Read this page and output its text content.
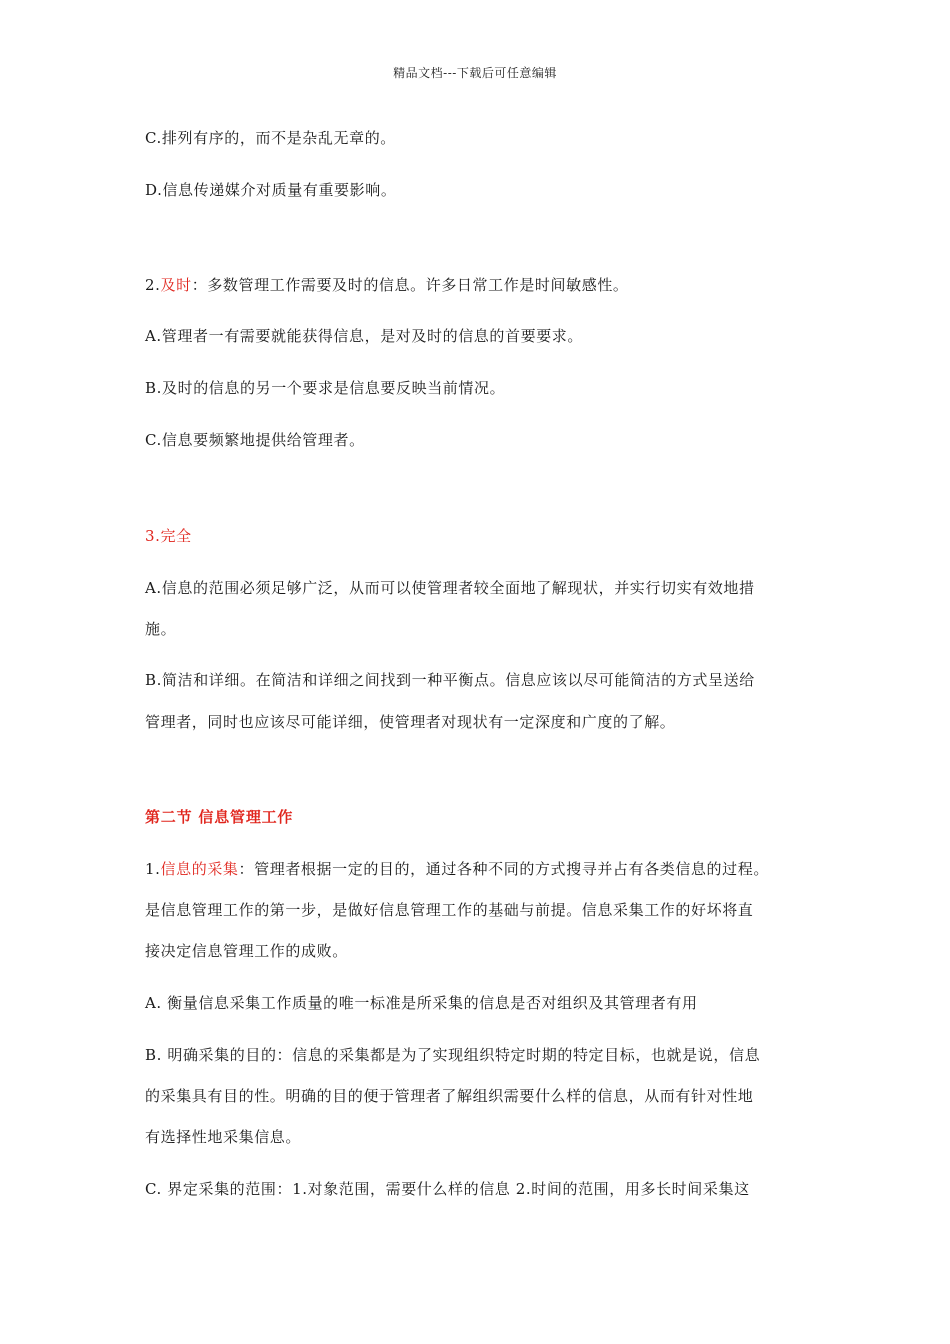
精品文档---下载后可任意编辑
C.排列有序的，而不是杂乱无章的。
D.信息传递媒介对质量有重要影响。
2.及时：多数管理工作需要及时的信息。许多日常工作是时间敏感性。
A.管理者一有需要就能获得信息，是对及时的信息的首要要求。
B.及时的信息的另一个要求是信息要反映当前情况。
C.信息要频繁地提供给管理者。
3.完全
A.信息的范围必须足够广泛，从而可以使管理者较全面地了解现状，并实行切实有效地措
施。
B.简洁和详细。在简洁和详细之间找到一种平衡点。信息应该以尽可能简洁的方式呈送给
管理者，同时也应该尽可能详细，使管理者对现状有一定深度和广度的了解。
第二节 信息管理工作
1.信息的采集：管理者根据一定的目的，通过各种不同的方式搜寻并占有各类信息的过程。
是信息管理工作的第一步，是做好信息管理工作的基础与前提。信息采集工作的好坏将直
接决定信息管理工作的成败。
A. 衡量信息采集工作质量的唯一标准是所采集的信息是否对组织及其管理者有用
B. 明确采集的目的：信息的采集都是为了实现组织特定时期的特定目标，也就是说，信息
的采集具有目的性。明确的目的便于管理者了解组织需要什么样的信息，从而有针对性地
有选择性地采集信息。
C. 界定采集的范围：1.对象范围，需要什么样的信息 2.时间的范围，用多长时间采集这
